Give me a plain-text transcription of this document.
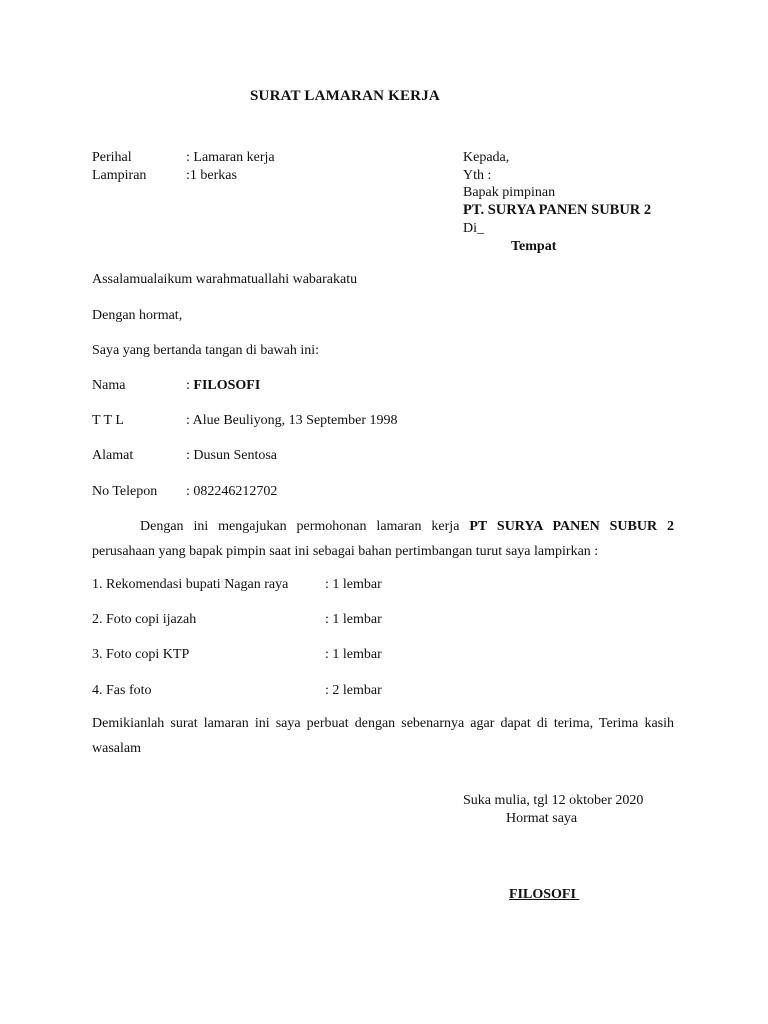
SURAT LAMARAN KERJA
Perihal	: Lamaran kerja
Lampiran	:1 berkas
Kepada,
Yth :
Bapak pimpinan
PT. SURYA PANEN SUBUR 2
Di_
Tempat
Assalamualaikum warahmatuallahi wabarakatu
Dengan hormat,
Saya yang bertanda tangan di bawah ini:
Nama	: FILOSOFI
T T L	: Alue Beuliyong, 13 September 1998
Alamat	: Dusun Sentosa
No Telepon : 082246212702
Dengan ini mengajukan permohonan lamaran kerja PT SURYA PANEN SUBUR 2 perusahaan yang bapak pimpin saat ini sebagai bahan pertimbangan turut saya lampirkan :
1. Rekomendasi bupati Nagan raya	: 1 lembar
2. Foto copi ijazah	: 1 lembar
3. Foto copi KTP	: 1 lembar
4. Fas foto	: 2 lembar
Demikianlah surat lamaran ini saya perbuat dengan sebenarnya agar dapat di terima, Terima kasih wasalam
Suka mulia, tgl 12 oktober 2020
Hormat saya
FILOSOFI
